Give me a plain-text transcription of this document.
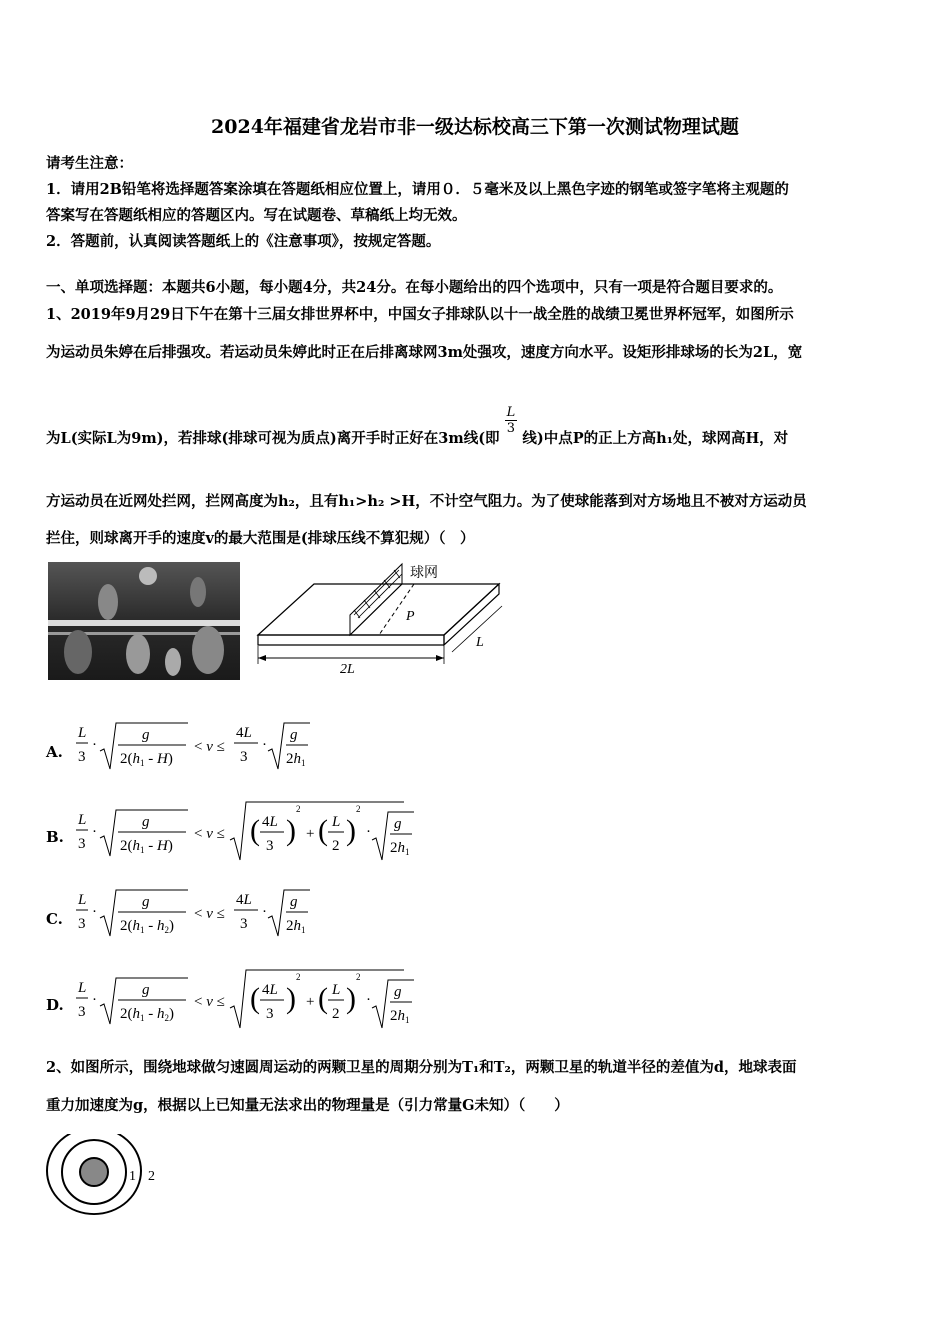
2024年福建省龙岩市非一级达标校高三下第一次测试物理试题
请考生注意：
1．请用2B铅笔将选择题答案涂填在答题纸相应位置上，请用０．５毫米及以上黑色字迹的钢笔或签字笔将主观题的
答案写在答题纸相应的答题区内。写在试题卷、草稿纸上均无效。
2．答题前，认真阅读答题纸上的《注意事项》，按规定答题。
一、单项选择题：本题共6小题，每小题4分，共24分。在每小题给出的四个选项中，只有一项是符合题目要求的。
1、2019年9月29日下午在第十三届女排世界杯中，中国女子排球队以十一战全胜的战绩卫冕世界杯冠军，如图所示
为运动员朱婷在后排强攻。若运动员朱婷此时正在后排离球网3m处强攻，速度方向水平。设矩形排球场的长为2L，宽
为L(实际L为9m)，若排球(排球可视为质点)离开手时正好在3m线(即
$\frac{L}{3}$
线)中点P的正上方高h₁处，球网高H，对
方运动员在近网处拦网，拦网高度为h₂，且有h₁>h₂ >H，不计空气阻力。为了使球能落到对方场地且不被对方运动员
拦住，则球离开手的速度v的最大范围是(排球压线不算犯规）（　）
球网
P
2L
L
A.
L
3
·
g
$2(h_1 - H)$
< v ≤
4L
3
·
g
$2h_1$
B.
L
3
·
g
$2(h_1 - H)$
< v ≤ ( 4L
3 )
2
+ ( L
2 )
2
· g
$2h_1$
C.
L
3
·
g
$2(h_1 - h_2)$
< v ≤
4L
3
·
g
$2h_1$
D.
L
3
·
g
$2(h_1 - h_2)$
< v ≤ ( 4L
3 )
2
+ ( L
2 )
2
· g
$2h_1$
2、如图所示，围绕地球做匀速圆周运动的两颗卫星的周期分别为T₁和T₂，两颗卫星的轨道半径的差值为d，地球表面
重力加速度为g，根据以上已知量无法求出的物理量是（引力常量G未知）（　　）
1 2
